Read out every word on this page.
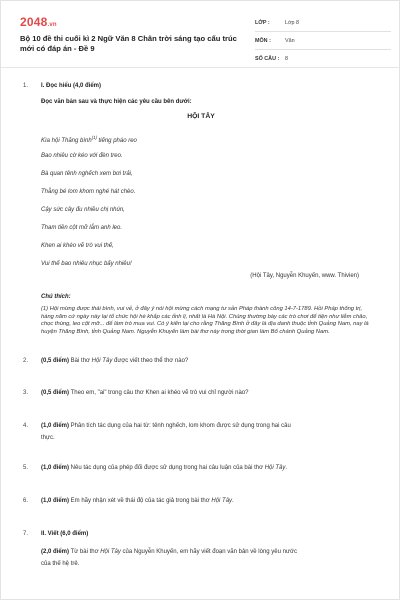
2048.vn
Bộ 10 đề thi cuối kì 2 Ngữ Văn 8 Chân trời sáng tạo cấu trúc mới có đáp án - Đề 9
LỚP :	Lớp 8
MÔN :	Văn
SỐ CÂU :	8
1. I. Đọc hiểu (4,0 điểm)
Đọc văn bản sau và thực hiện các yêu cầu bên dưới:
HỘI TÂY
Kìa hội Thăng bình$^{(1)}$ tiếng pháo reo
Bao nhiêu cờ kéo với đèn treo.
Bà quan tênh nghếch xem bơi trải,
Thằng bé lom khom nghé hát chèo.
Cậy sức cây đu nhiều chị nhún,
Tham tiền cột mỡ lắm anh leo.
Khen ai khéo vẽ trò vui thế,
Vui thế bao nhiêu nhục bấy nhiêu!
(Hội Tây, Nguyễn Khuyến, www. Thivien)
Chú thích:
(1) Hội mừng được thái bình, vui vẻ, ở đây ý nói hội mừng cách mạng tư sản Pháp thành công 14-7-1789. Hồi Pháp thống trị, hàng năm cứ ngày này lại tổ chức hội hè khắp các tỉnh lị, nhất là Hà Nội. Chúng thường bày các trò chơi để tiện như liễm chão, chọc thùng, leo cột mỡ... để làm trò mua vui. Có ý kiến lại cho rằng Thăng Bình ở đây là địa danh thuộc tỉnh Quảng Nam, nay là huyện Thăng Bình, tỉnh Quảng Nam. Nguyễn Khuyến làm bài thơ này trong thời gian làm Bố chánh Quảng Nam.
2. (0,5 điểm) Bài thơ Hội Tây được viết theo thể thơ nào?
3. (0,5 điểm) Theo em, "ai" trong câu thơ Khen ai khéo vẽ trò vui chỉ người nào?
4. (1,0 điểm) Phân tích tác dụng của hai từ: tênh nghếch, lom khom được sử dụng trong hai câu
thực.
5. (1,0 điểm) Nêu tác dụng của phép đối được sử dụng trong hai câu luận của bài thơ Hội Tây.
6. (1,0 điểm) Em hãy nhận xét về thái độ của tác giả trong bài thơ Hội Tây.
7. II. Viết (6,0 điểm)
(2,0 điểm) Từ bài thơ Hội Tây của Nguyễn Khuyến, em hãy viết đoạn văn bản về lòng yêu nước
của thế hệ trẻ.
